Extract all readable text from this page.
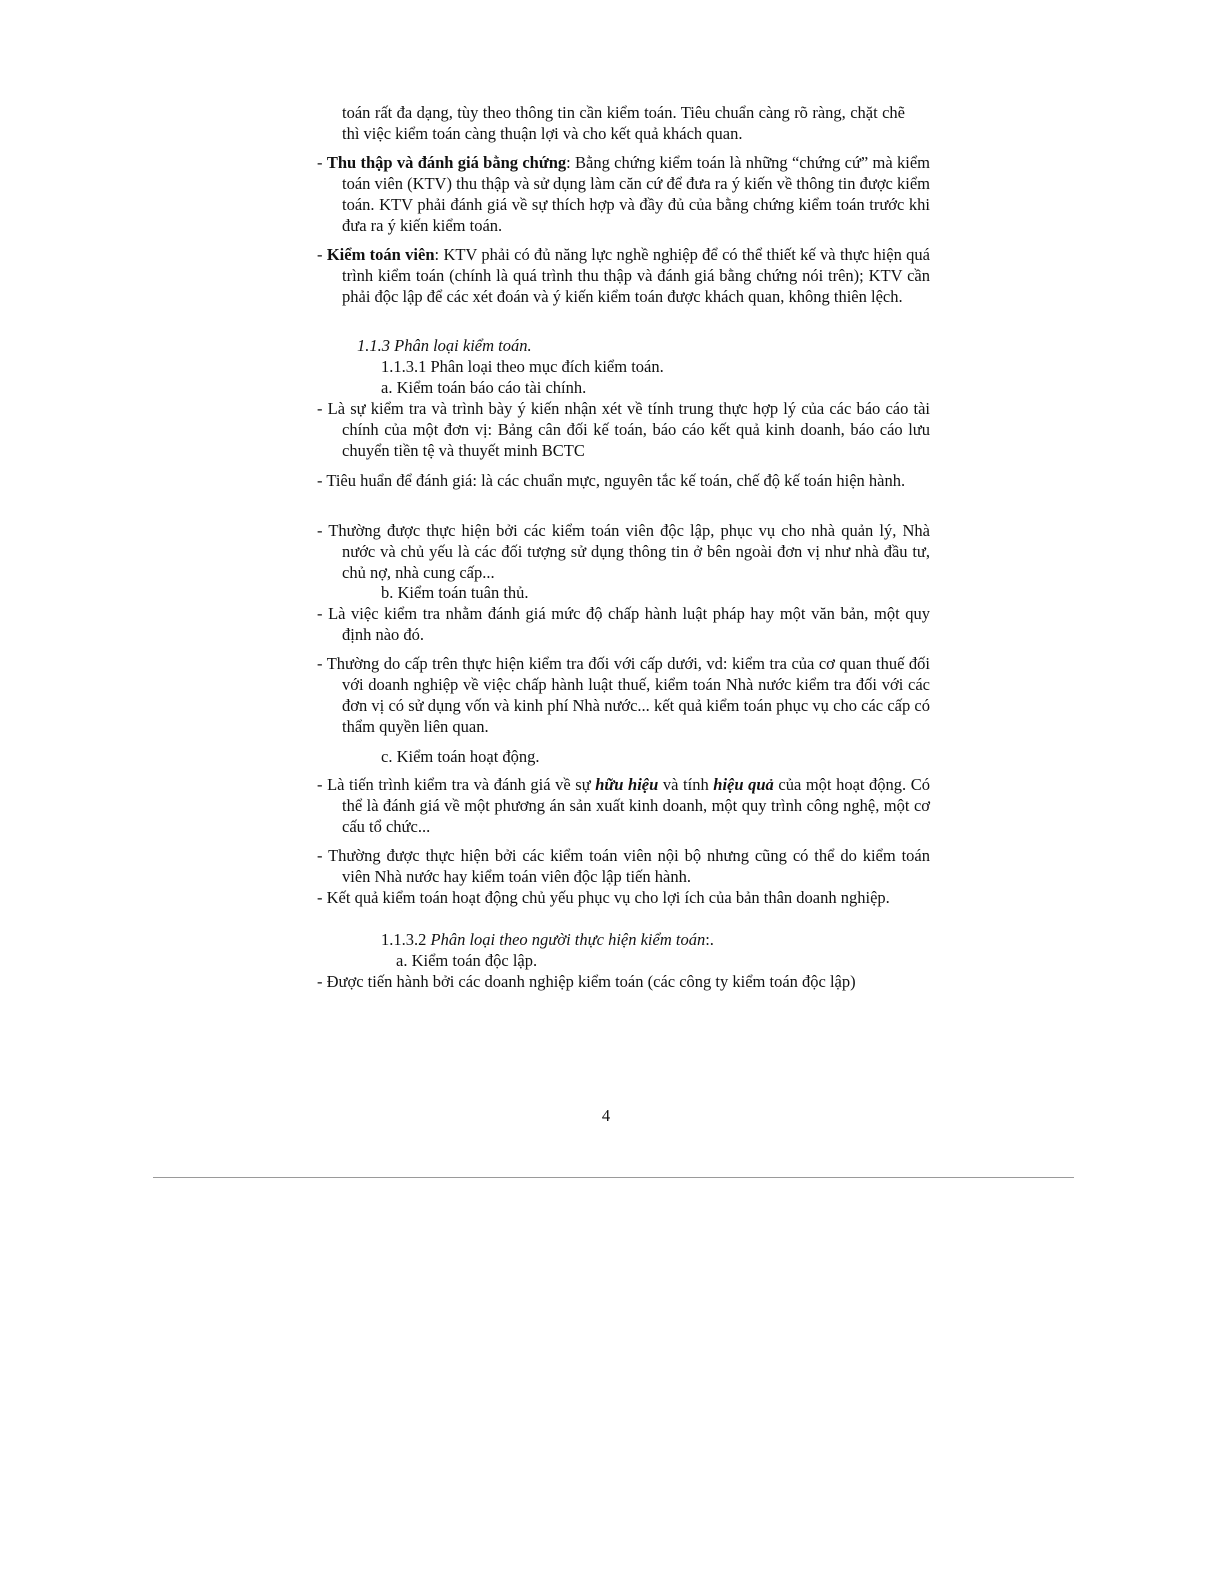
toán rất đa dạng, tùy theo thông tin cần kiểm toán. Tiêu chuẩn càng rõ ràng, chặt chẽ thì việc kiểm toán càng thuận lợi và cho kết quả khách quan.

- Thu thập và đánh giá bằng chứng: Bằng chứng kiểm toán là những “chứng cứ” mà kiểm toán viên (KTV) thu thập và sử dụng làm căn cứ để đưa ra ý kiến về thông tin được kiểm toán. KTV phải đánh giá về sự thích hợp và đầy đủ của bằng chứng kiểm toán trước khi đưa ra ý kiến kiểm toán.

- Kiểm toán viên: KTV phải có đủ năng lực nghề nghiệp để có thể thiết kế và thực hiện quá trình kiểm toán (chính là quá trình thu thập và đánh giá bằng chứng nói trên); KTV cần phải độc lập để các xét đoán và ý kiến kiểm toán được khách quan, không thiên lệch.

1.1.3 Phân loại kiểm toán.

1.1.3.1 Phân loại theo mục đích kiểm toán.

a. Kiểm toán báo cáo tài chính.

- Là sự kiểm tra và trình bày ý kiến nhận xét về tính trung thực hợp lý của các báo cáo tài chính của một đơn vị: Bảng cân đối kế toán, báo cáo kết quả kinh doanh, báo cáo lưu chuyển tiền tệ và thuyết minh BCTC

- Tiêu huẩn để đánh giá: là các chuẩn mực, nguyên tắc kế toán, chế độ kế toán hiện hành.

- Thường được thực hiện bởi các kiểm toán viên độc lập, phục vụ cho nhà quản lý, Nhà nước và chủ yếu là các đối tượng sử dụng thông tin ở bên ngoài đơn vị như nhà đầu tư, chủ nợ, nhà cung cấp...

b. Kiểm toán tuân thủ.

- Là việc kiểm tra nhằm đánh giá mức độ chấp hành luật pháp hay một văn bản, một quy định nào đó.

- Thường do cấp trên thực hiện kiểm tra đối với cấp dưới, vd: kiểm tra của cơ quan thuế đối với doanh nghiệp về việc chấp hành luật thuế, kiểm toán Nhà nước kiểm tra đối với các đơn vị có sử dụng vốn và kinh phí Nhà nước... kết quả kiểm toán phục vụ cho các cấp có thẩm quyền liên quan.

c. Kiểm toán hoạt động.

- Là tiến trình kiểm tra và đánh giá về sự hữu hiệu và tính hiệu quả của một hoạt động. Có thể là đánh giá về một phương án sản xuất kinh doanh, một quy trình công nghệ, một cơ cấu tổ chức...

- Thường được thực hiện bởi các kiểm toán viên nội bộ nhưng cũng có thể do kiểm toán viên Nhà nước hay kiểm toán viên độc lập tiến hành.

- Kết quả kiểm toán hoạt động chủ yếu phục vụ cho lợi ích của bản thân doanh nghiệp.

1.1.3.2 Phân loại theo người thực hiện kiểm toán:.

a. Kiểm toán độc lập.

- Được tiến hành bởi các doanh nghiệp kiểm toán (các công ty kiểm toán độc lập)

4
